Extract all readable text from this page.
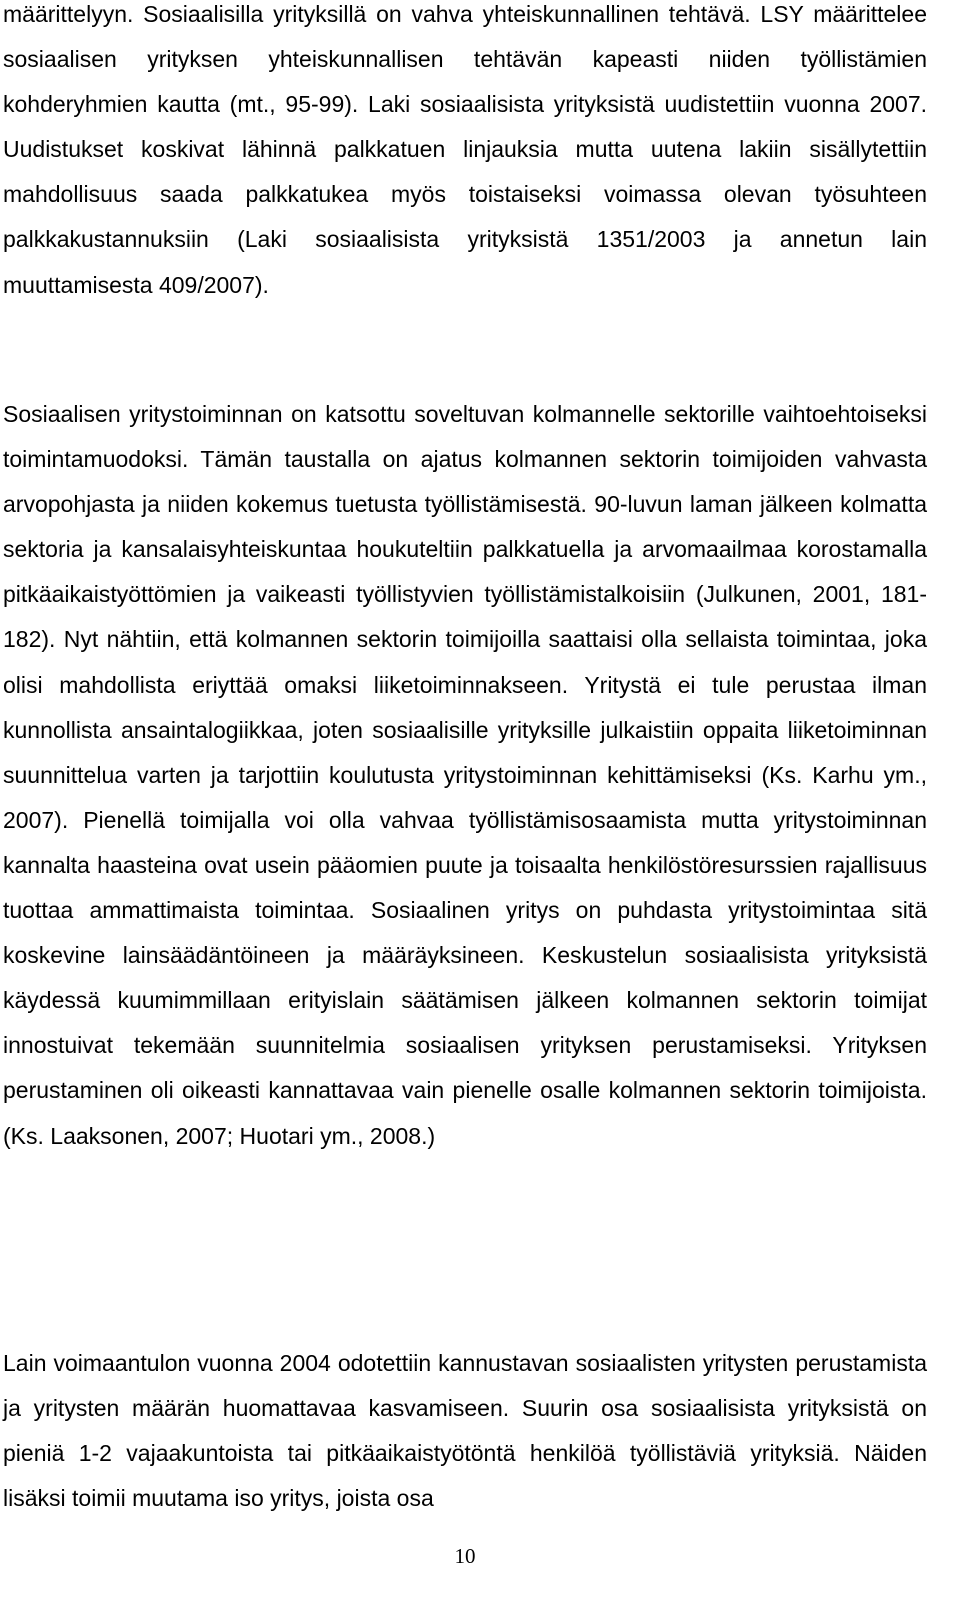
määrittelyyn. Sosiaalisilla yrityksillä on vahva yhteiskunnallinen tehtävä. LSY määrittelee sosiaalisen yrityksen yhteiskunnallisen tehtävän kapeasti niiden työllistämien kohderyhmien kautta (mt., 95-99). Laki sosiaalisista yrityksistä uudistettiin vuonna 2007. Uudistukset koskivat lähinnä palkkatuen linjauksia mutta uutena lakiin sisällytettiin mahdollisuus saada palkkatukea myös toistaiseksi voimassa olevan työsuhteen palkkakustannuksiin (Laki sosiaalisista yrityksistä 1351/2003 ja annetun lain muuttamisesta 409/2007).

Sosiaalisen yritystoiminnan on katsottu soveltuvan kolmannelle sektorille vaihtoehtoiseksi toimintamuodoksi. Tämän taustalla on ajatus kolmannen sektorin toimijoiden vahvasta arvopohjasta ja niiden kokemus tuetusta työllistämisestä. 90-luvun laman jälkeen kolmatta sektoria ja kansalaisyhteiskuntaa houkuteltiin palkkatuella ja arvomaailmaa korostamalla pitkäaikaistyöttömien ja vaikeasti työllistyvien työllistämistalkoisiin (Julkunen, 2001, 181-182). Nyt nähtiin, että kolmannen sektorin toimijoilla saattaisi olla sellaista toimintaa, joka olisi mahdollista eriyttää omaksi liiketoiminnakseen. Yritystä ei tule perustaa ilman kunnollista ansaintalogiikkaa, joten sosiaalisille yrityksille julkaistiin oppaita liiketoiminnan suunnittelua varten ja tarjottiin koulutusta yritystoiminnan kehittämiseksi (Ks. Karhu ym., 2007). Pienellä toimijalla voi olla vahvaa työllistämisosaamista mutta yritystoiminnan kannalta haasteina ovat usein pääomien puute ja toisaalta henkilöstöresurssien rajallisuus tuottaa ammattimaista toimintaa. Sosiaalinen yritys on puhdasta yritystoimintaa sitä koskevine lainsäädäntöineen ja määräyksineen. Keskustelun sosiaalisista yrityksistä käydessä kuumimmillaan erityislain säätämisen jälkeen kolmannen sektorin toimijat innostuivat tekemään suunnitelmia sosiaalisen yrityksen perustamiseksi. Yrityksen perustaminen oli oikeasti kannattavaa vain pienelle osalle kolmannen sektorin toimijoista. (Ks. Laaksonen, 2007; Huotari ym., 2008.)

Lain voimaantulon vuonna 2004 odotettiin kannustavan sosiaalisten yritysten perustamista ja yritysten määrän huomattavaa kasvamiseen. Suurin osa sosiaalisista yrityksistä on pieniä 1-2 vajaakuntoista tai pitkäaikaistyötöntä henkilöä työllistäviä yrityksiä. Näiden lisäksi toimii muutama iso yritys, joista osa

10
